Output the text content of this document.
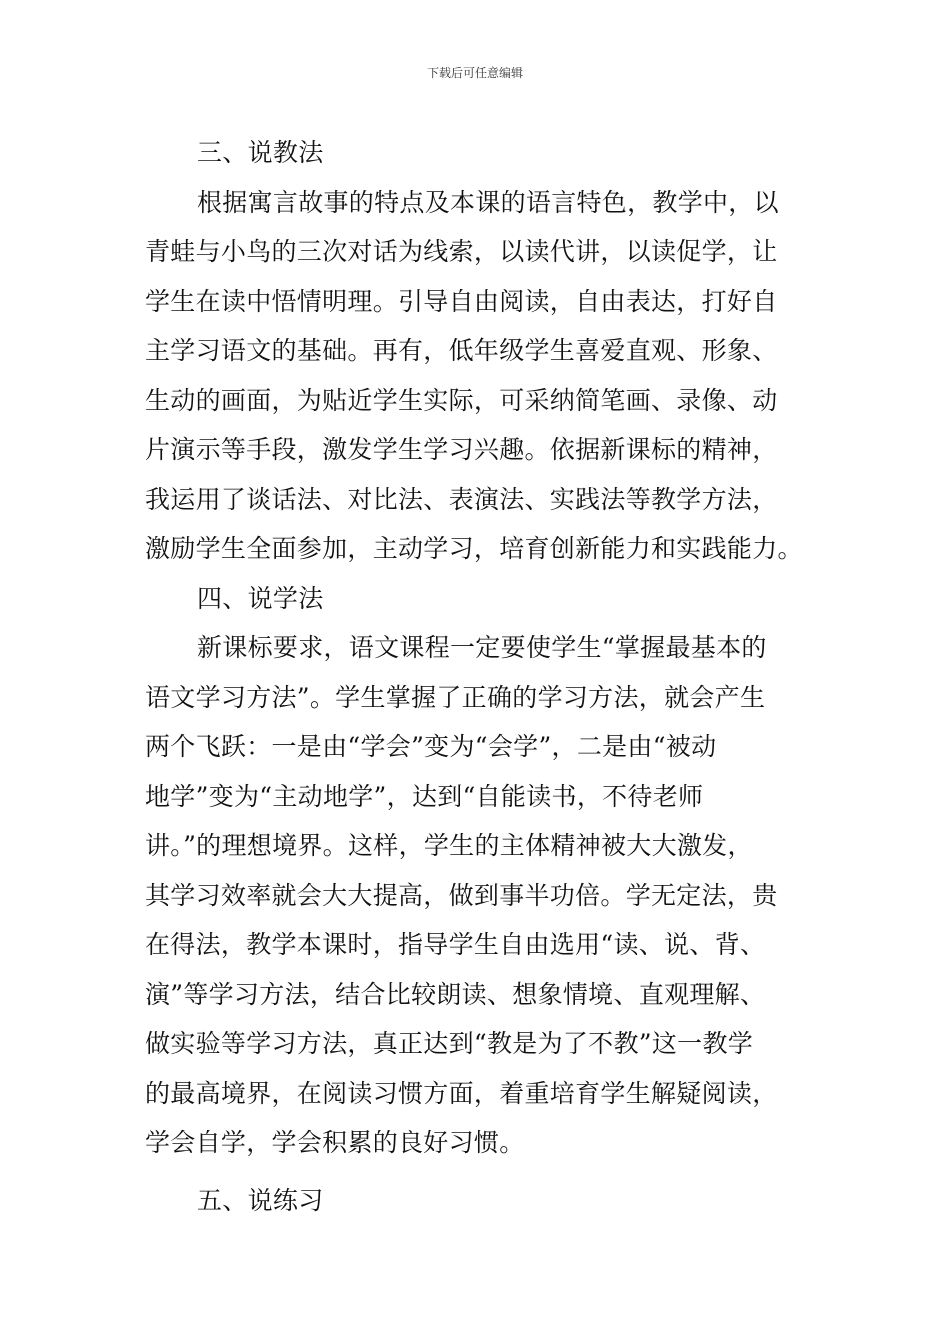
下载后可任意编辑
三、说教法
根据寓言故事的特点及本课的语言特色，教学中，以
青蛙与小鸟的三次对话为线索，以读代讲，以读促学，让
学生在读中悟情明理。引导自由阅读，自由表达，打好自
主学习语文的基础。再有，低年级学生喜爱直观、形象、
生动的画面，为贴近学生实际，可采纳简笔画、录像、动
片演示等手段，激发学生学习兴趣。依据新课标的精神，
我运用了谈话法、对比法、表演法、实践法等教学方法，
激励学生全面参加，主动学习，培育创新能力和实践能力。
四、说学法
新课标要求，语文课程一定要使学生“掌握最基本的
语文学习方法”。学生掌握了正确的学习方法，就会产生
两个飞跃：一是由“学会”变为“会学”，二是由“被动
地学”变为“主动地学”，达到“自能读书，不待老师
讲。”的理想境界。这样，学生的主体精神被大大激发，
其学习效率就会大大提高，做到事半功倍。学无定法，贵
在得法，教学本课时，指导学生自由选用“读、说、背、
演”等学习方法，结合比较朗读、想象情境、直观理解、
做实验等学习方法，真正达到“教是为了不教”这一教学
的最高境界，在阅读习惯方面，着重培育学生解疑阅读，
学会自学，学会积累的良好习惯。
五、说练习
